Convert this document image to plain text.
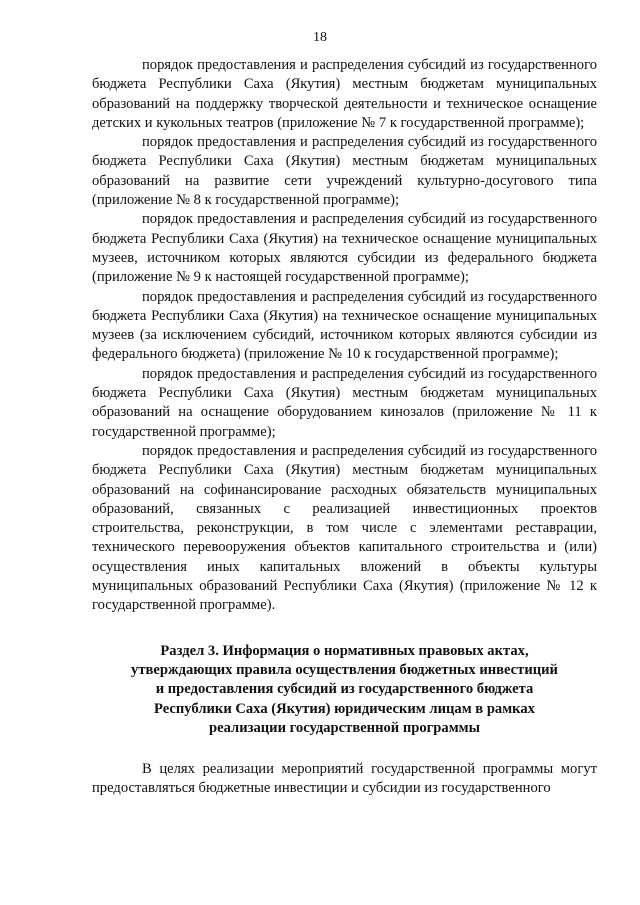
18

порядок предоставления и распределения субсидий из государственного бюджета Республики Саха (Якутия) местным бюджетам муниципальных образований на поддержку творческой деятельности и техническое оснащение детских и кукольных театров (приложение № 7 к государственной программе);

порядок предоставления и распределения субсидий из государственного бюджета Республики Саха (Якутия) местным бюджетам муниципальных образований на развитие сети учреждений культурно-досугового типа (приложение № 8 к государственной программе);

порядок предоставления и распределения субсидий из государственного бюджета Республики Саха (Якутия) на техническое оснащение муниципальных музеев, источником которых являются субсидии из федерального бюджета (приложение № 9 к настоящей государственной программе);

порядок предоставления и распределения субсидий из государственного бюджета Республики Саха (Якутия) на техническое оснащение муниципальных музеев (за исключением субсидий, источником которых являются субсидии из федерального бюджета) (приложение № 10 к государственной программе);

порядок предоставления и распределения субсидий из государственного бюджета Республики Саха (Якутия) местным бюджетам муниципальных образований на оснащение оборудованием кинозалов (приложение № 11 к государственной программе);

порядок предоставления и распределения субсидий из государственного бюджета Республики Саха (Якутия) местным бюджетам муниципальных образований на софинансирование расходных обязательств муниципальных образований, связанных с реализацией инвестиционных проектов строительства, реконструкции, в том числе с элементами реставрации, технического перевооружения объектов капитального строительства и (или) осуществления иных капитальных вложений в объекты культуры муниципальных образований Республики Саха (Якутия) (приложение № 12 к государственной программе).

Раздел 3. Информация о нормативных правовых актах,
утверждающих правила осуществления бюджетных инвестиций
и предоставления субсидий из государственного бюджета
Республики Саха (Якутия) юридическим лицам в рамках
реализации государственной программы

В целях реализации мероприятий государственной программы могут предоставляться бюджетные инвестиции и субсидии из государственного
